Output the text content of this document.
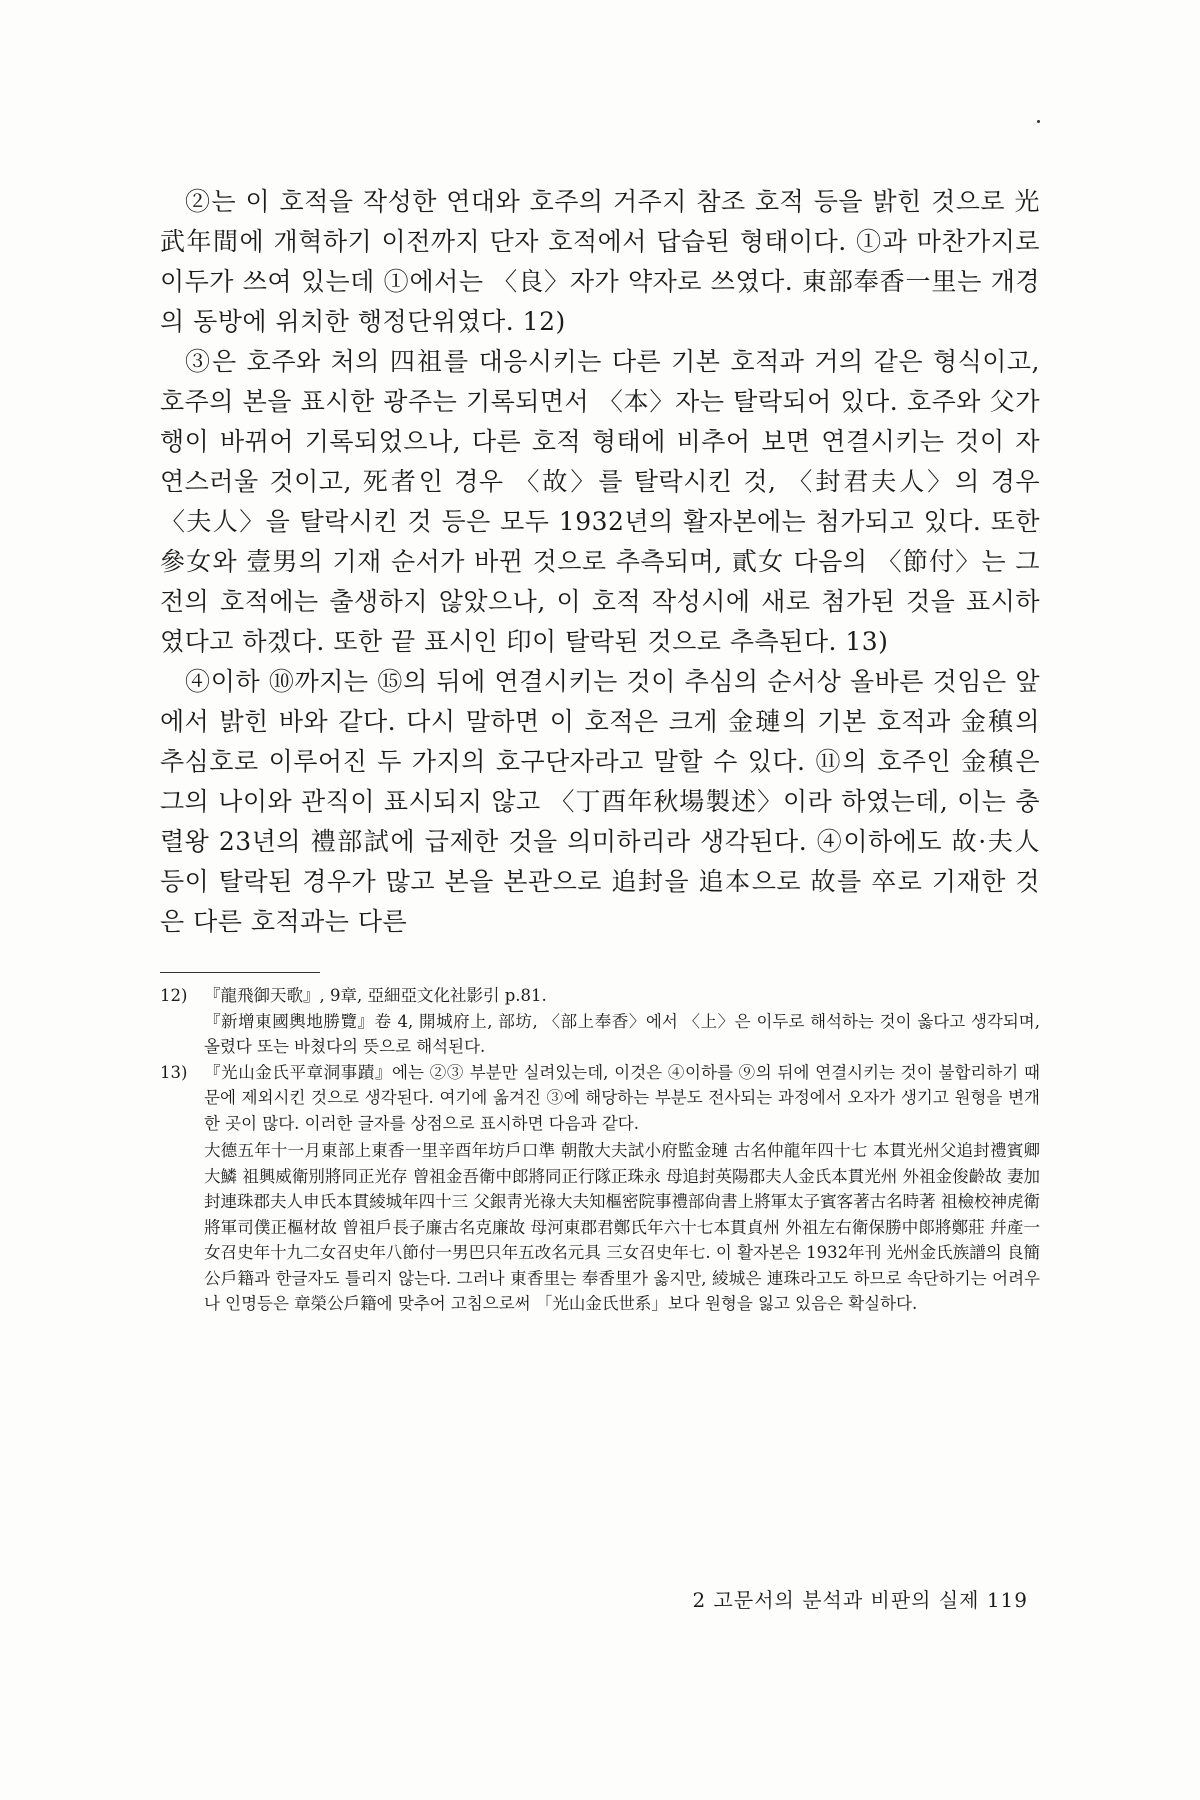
②는 이 호적을 작성한 연대와 호주의 거주지 참조 호적 등을 밝힌 것으로 光武年間에 개혁하기 이전까지 단자 호적에서 답습된 형태이다. ①과 마찬가지로 이두가 쓰여 있는데 ①에서는 〈良〉자가 약자로 쓰였다. 東部奉香一里는 개경의 동방에 위치한 행정단위였다. 12)

③은 호주와 처의 四祖를 대응시키는 다른 기본 호적과 거의 같은 형식이고, 호주의 본을 표시한 광주는 기록되면서 〈本〉자는 탈락되어 있다. 호주와 父가 행이 바뀌어 기록되었으나, 다른 호적 형태에 비추어 보면 연결시키는 것이 자연스러울 것이고, 死者인 경우 〈故〉를 탈락시킨 것, 〈封君夫人〉의 경우 〈夫人〉을 탈락시킨 것 등은 모두 1932년의 활자본에는 첨가되고 있다. 또한 參女와 壹男의 기재 순서가 바뀐 것으로 추측되며, 貳女 다음의 〈節付〉는 그전의 호적에는 출생하지 않았으나, 이 호적 작성시에 새로 첨가된 것을 표시하였다고 하겠다. 또한 끝 표시인 印이 탈락된 것으로 추측된다. 13)

④이하 ⑩까지는 ⑮의 뒤에 연결시키는 것이 추심의 순서상 올바른 것임은 앞에서 밝힌 바와 같다. 다시 말하면 이 호적은 크게 金璉의 기본 호적과 金稹의 추심호로 이루어진 두 가지의 호구단자라고 말할 수 있다. ⑪의 호주인 金稹은 그의 나이와 관직이 표시되지 않고 〈丁酉年秋場製述〉이라 하였는데, 이는 충렬왕 23년의 禮部試에 급제한 것을 의미하리라 생각된다. ④이하에도 故·夫人 등이 탈락된 경우가 많고 본을 본관으로 追封을 追本으로 故를 卒로 기재한 것은 다른 호적과는 다른

12) 『龍飛御天歌』, 9章, 亞細亞文化社影引 p.81.

『新增東國輿地勝覽』卷 4, 開城府上, 部坊, 〈部上奉香〉에서 〈上〉은 이두로 해석하는 것이 옳다고 생각되며, 올렸다 또는 바쳤다의 뜻으로 해석된다.

13) 『光山金氏平章洞事蹟』에는 ②③ 부분만 실려있는데, 이것은 ④이하를 ⑨의 뒤에 연결시키는 것이 불합리하기 때문에 제외시킨 것으로 생각된다. 여기에 옮겨진 ③에 해당하는 부분도 전사되는 과정에서 오자가 생기고 원형을 변개한 곳이 많다. 이러한 글자를 상점으로 표시하면 다음과 같다.

大德五年十一月東部上東香一里辛酉年坊戶口準 朝散大夫試小府監金璉 古名仲龍年四十七 本貫光州父追封禮賓卿大鱗 祖興威衛別將同正光存 曾祖金吾衛中郎將同正行隊正珠永 母追封英陽郡夫人金氏本貫光州 外祖金俊齡故 妻加封連珠郡夫人申氏本貫綾城年四十三 父銀靑光祿大夫知樞密院事禮部尙書上將軍太子賓客著古名時著 祖檢校神虎衛將軍司僕正樞材故 曾祖戶長子廉古名克廉故 母河東郡君鄭氏年六十七本貫貞州 外祖左右衛保勝中郞將鄭莊 幷產一女召史年十九二女召史年八節付一男巴只年五改名元具 三女召史年七. 이 활자본은 1932年刊 光州金氏族譜의 良簡公戶籍과 한글자도 틀리지 않는다. 그러나 東香里는 奉香里가 옳지만, 綾城은 連珠라고도 하므로 속단하기는 어려우나 인명등은 章榮公戶籍에 맞추어 고침으로써 「光山金氏世系」보다 원형을 잃고 있음은 확실하다.

2 고문서의 분석과 비판의 실제 119
